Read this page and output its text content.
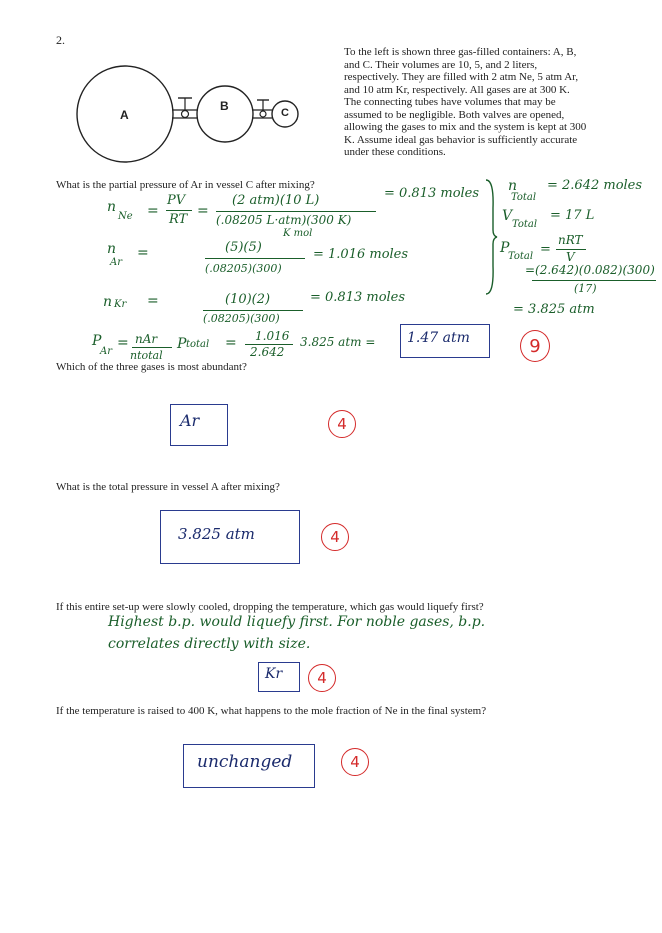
2.
A
B	C
To the left is shown three gas-filled containers: A, B,
and C. Their volumes are 10, 5, and 2 liters,
respectively. They are filled with 2 atm Ne, 5 atm Ar,
and 10 atm Kr, respectively. All gases are at 300 K.
The connecting tubes have volumes that may be
assumed to be negligible. Both valves are opened,
allowing the gases to mix and the system is kept at 300
K. Assume ideal gas behavior is sufficiently accurate
under these conditions.
What is the partial pressure of Ar in vessel C after mixing?
n
Ne =
PV
RT
=
(2 atm)(10 L)
(.08205 L·atm)(300 K)
K mol
= 0.813 moles n
Total
= 2.642 moles
V
Total
= 17 L
P
Total =
nRT
V
=(2.642)(0.082)(300)
(17)
= 3.825 atm
n
Ar
=	(5)(5)
(.08205)(300)
= 1.016 moles
n Kr =	(10)(2)
(.08205)(300)
= 0.813 moles
P
Ar
= nAr
ntotal
P total = 1.016
2.642
3.825 atm = 1.47 atm	9
Which of the three gases is most abundant?
Ar	4
What is the total pressure in vessel A after mixing?
3.825 atm	4
If this entire set-up were slowly cooled, dropping the temperature, which gas would liquefy first?
Highest b.p. would liquefy first. For noble gases, b.p.
correlates directly with size.
Kr	4
If the temperature is raised to 400 K, what happens to the mole fraction of Ne in the final system?
unchanged	4
